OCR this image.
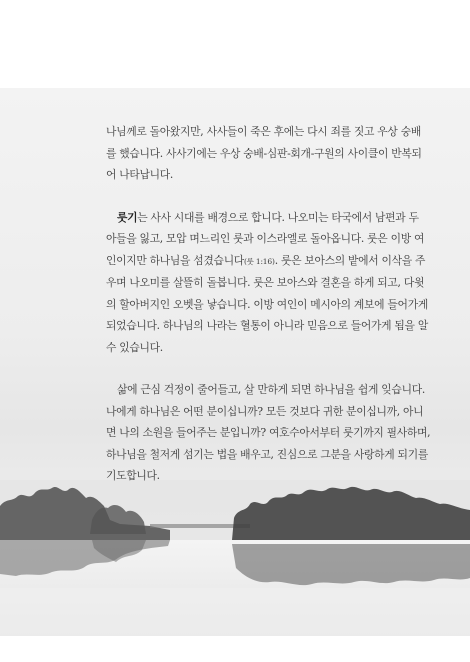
나님께로 돌아왔지만, 사사들이 죽은 후에는 다시 죄를 짓고 우상 숭배
를 했습니다. 사사기에는 우상 숭배-심판-회개-구원의 사이클이 반복되
어 나타납니다.
룻기는 사사 시대를 배경으로 합니다. 나오미는 타국에서 남편과 두
아들을 잃고, 모압 며느리인 룻과 이스라엘로 돌아옵니다. 룻은 이방 여
인이지만 하나님을 섬겼습니다(룻 1:16). 룻은 보아스의 밭에서 이삭을 주
우며 나오미를 살뜰히 돌봅니다. 룻은 보아스와 결혼을 하게 되고, 다윗
의 할아버지인 오벳을 낳습니다. 이방 여인이 메시아의 계보에 들어가게
되었습니다. 하나님의 나라는 혈통이 아니라 믿음으로 들어가게 됨을 알
수 있습니다.
삶에 근심 걱정이 줄어들고, 살 만하게 되면 하나님을 쉽게 잊습니다.
나에게 하나님은 어떤 분이십니까? 모든 것보다 귀한 분이십니까, 아니
면 나의 소원을 들어주는 분입니까? 여호수아서부터 룻기까지 필사하며,
하나님을 철저게 섬기는 법을 배우고, 진심으로 그분을 사랑하게 되기를
기도합니다.
